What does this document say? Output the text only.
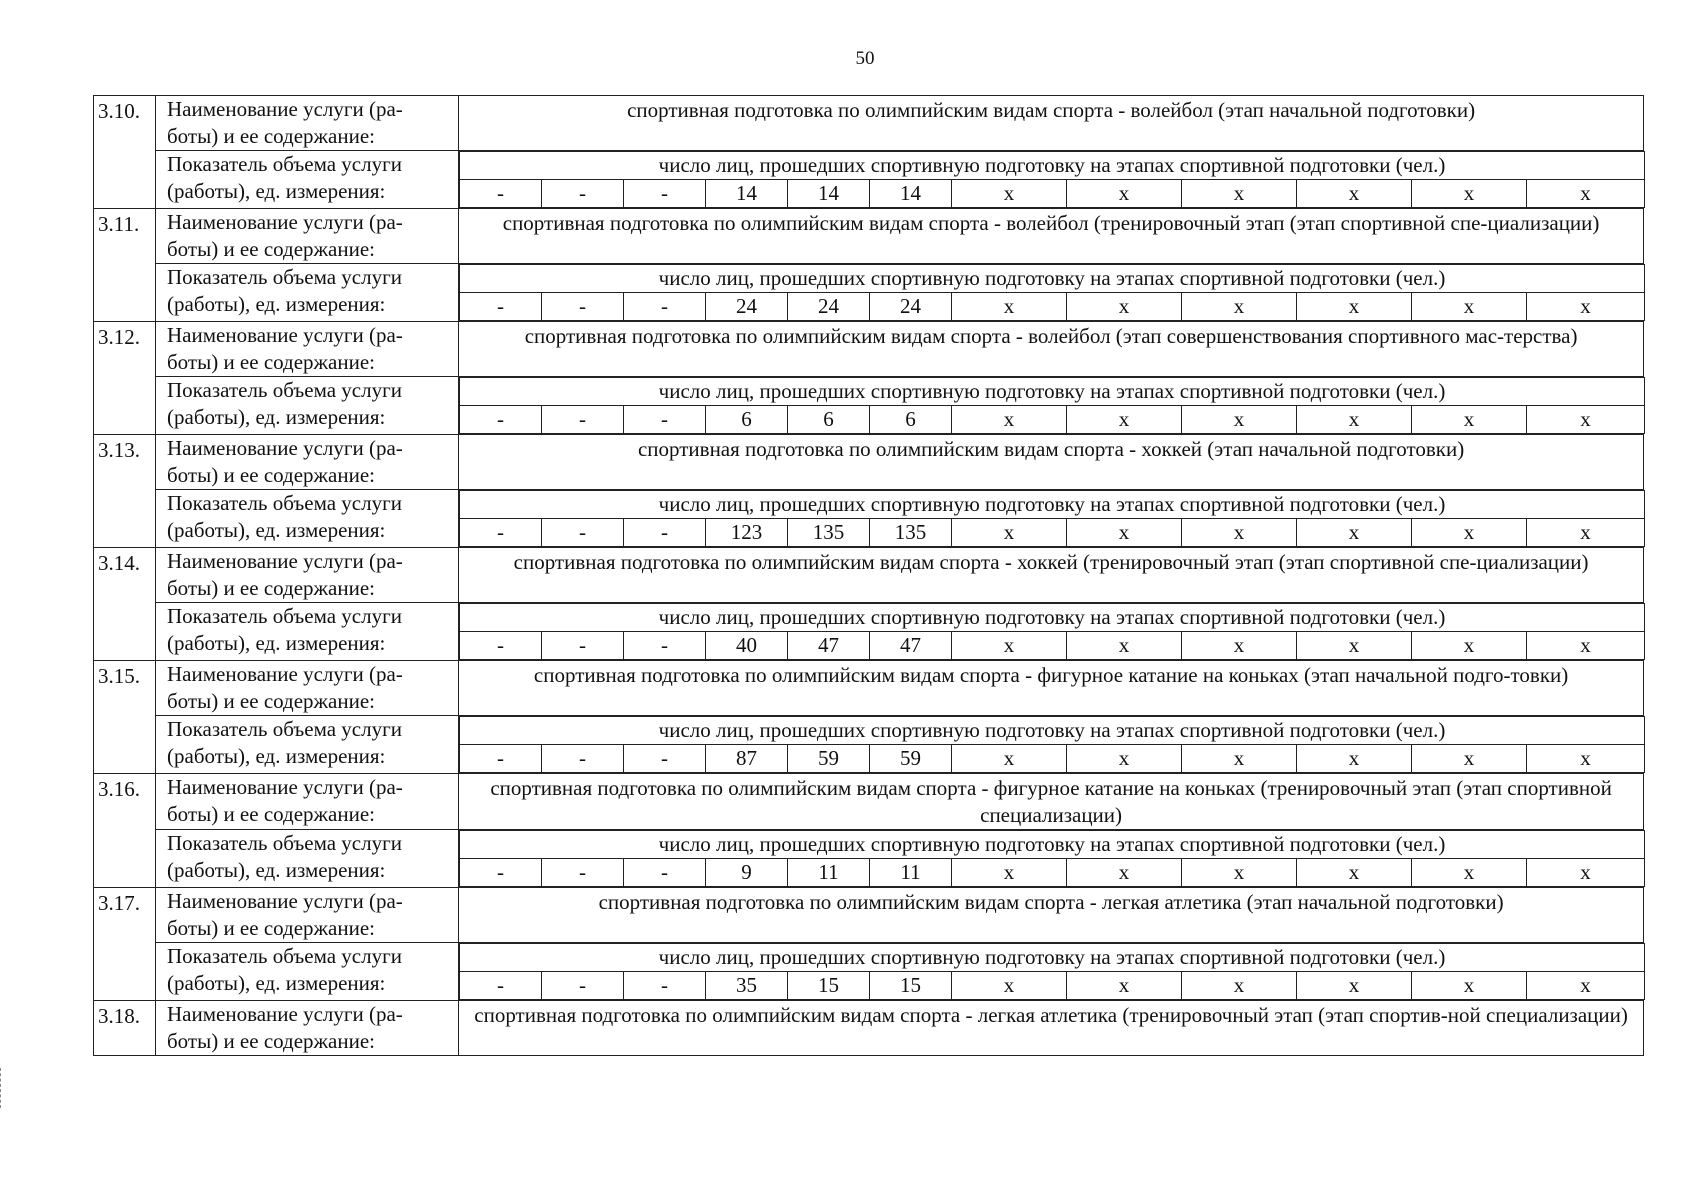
50
3.10.	Наименование услуги (ра-
боты) и ее содержание:
	спортивная подготовка по олимпийским видам спорта - волейбол (этап начальной подготовки)

Показатель объема услуги
(работы), ед. измерения:

число лиц, прошедших спортивную подготовку на этапах спортивной подготовки (чел.)
-	-	-	14	14	14	х	х	х	х	х	х

3.11.	Наименование услуги (ра-
боты) и ее содержание:
	спортивная подготовка по олимпийским видам спорта - волейбол (тренировочный этап (этап спортивной спе-циализации)

Показатель объема услуги
(работы), ед. измерения:

число лиц, прошедших спортивную подготовку на этапах спортивной подготовки (чел.)
-	-	-	24	24	24	х	х	х	х	х	х

3.12.	Наименование услуги (ра-
боты) и ее содержание:
	спортивная подготовка по олимпийским видам спорта - волейбол (этап совершенствования спортивного мас-терства)

Показатель объема услуги
(работы), ед. измерения:

число лиц, прошедших спортивную подготовку на этапах спортивной подготовки (чел.)
-	-	-	6	6	6	х	х	х	х	х	х

3.13.	Наименование услуги (ра-
боты) и ее содержание:
	спортивная подготовка по олимпийским видам спорта - хоккей (этап начальной подготовки)

Показатель объема услуги
(работы), ед. измерения:

число лиц, прошедших спортивную подготовку на этапах спортивной подготовки (чел.)
-	-	-	123	135	135	х	х	х	х	х	х

3.14.	Наименование услуги (ра-
боты) и ее содержание:
	спортивная подготовка по олимпийским видам спорта - хоккей (тренировочный этап (этап спортивной спе-циализации)

Показатель объема услуги
(работы), ед. измерения:

число лиц, прошедших спортивную подготовку на этапах спортивной подготовки (чел.)
-	-	-	40	47	47	х	х	х	х	х	х

3.15.	Наименование услуги (ра-
боты) и ее содержание:
	спортивная подготовка по олимпийским видам спорта - фигурное катание на коньках (этап начальной подго-товки)

Показатель объема услуги
(работы), ед. измерения:

число лиц, прошедших спортивную подготовку на этапах спортивной подготовки (чел.)
-	-	-	87	59	59	х	х	х	х	х	х

3.16.	Наименование услуги (ра-
боты) и ее содержание:
	спортивная подготовка по олимпийским видам спорта - фигурное катание на коньках (тренировочный этап (этап спортивной специализации)

Показатель объема услуги
(работы), ед. измерения:

число лиц, прошедших спортивную подготовку на этапах спортивной подготовки (чел.)
-	-	-	9	11	11	х	х	х	х	х	х

3.17.	Наименование услуги (ра-
боты) и ее содержание:
	спортивная подготовка по олимпийским видам спорта - легкая атлетика (этап начальной подготовки)

Показатель объема услуги
(работы), ед. измерения:

число лиц, прошедших спортивную подготовку на этапах спортивной подготовки (чел.)
-	-	-	35	15	15	х	х	х	х	х	х

3.18.	Наименование услуги (ра-
боты) и ее содержание:
	спортивная подготовка по олимпийским видам спорта - легкая атлетика (тренировочный этап (этап спортив-ной специализации)
